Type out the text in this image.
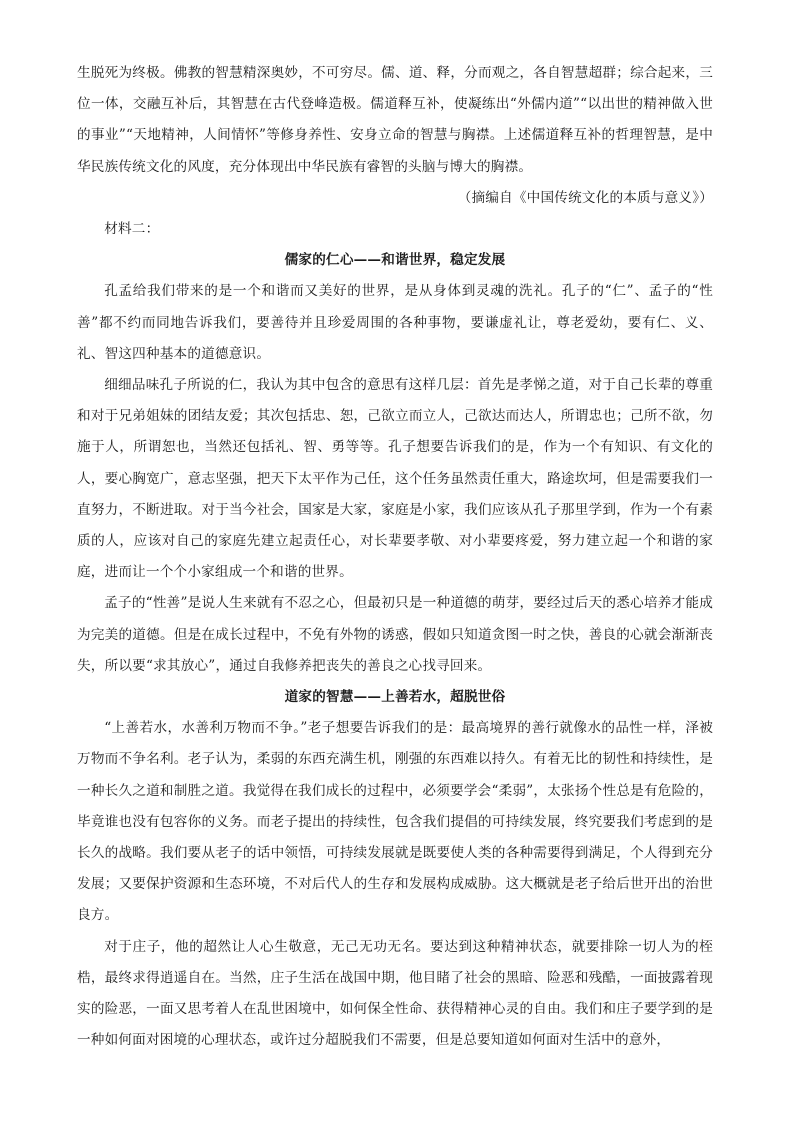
生脱死为终极。佛教的智慧精深奥妙，不可穷尽。儒、道、释，分而观之，各自智慧超群；综合起来，三位一体，交融互补后，其智慧在古代登峰造极。儒道释互补，使凝练出“外儒内道”“以出世的精神做入世的事业”“天地精神，人间情怀”等修身养性、安身立命的智慧与胸襟。上述儒道释互补的哲理智慧，是中华民族传统文化的风度，充分体现出中华民族有睿智的头脑与博大的胸襟。

（摘编自《中国传统文化的本质与意义》）

材料二：

儒家的仁心——和谐世界，稳定发展

孔孟给我们带来的是一个和谐而又美好的世界，是从身体到灵魂的洗礼。孔子的“仁”、孟子的“性善”都不约而同地告诉我们，要善待并且珍爱周围的各种事物，要谦虚礼让，尊老爱幼，要有仁、义、礼、智这四种基本的道德意识。

细细品味孔子所说的仁，我认为其中包含的意思有这样几层：首先是孝悌之道，对于自己长辈的尊重和对于兄弟姐妹的团结友爱；其次包括忠、恕，己欲立而立人，己欲达而达人，所谓忠也；己所不欲，勿施于人，所谓恕也，当然还包括礼、智、勇等等。孔子想要告诉我们的是，作为一个有知识、有文化的人，要心胸宽广，意志坚强，把天下太平作为己任，这个任务虽然责任重大，路途坎坷，但是需要我们一直努力，不断进取。对于当今社会，国家是大家，家庭是小家，我们应该从孔子那里学到，作为一个有素质的人，应该对自己的家庭先建立起责任心，对长辈要孝敬、对小辈要疼爱，努力建立起一个和谐的家庭，进而让一个个小家组成一个和谐的世界。

孟子的“性善”是说人生来就有不忍之心，但最初只是一种道德的萌芽，要经过后天的悉心培养才能成为完美的道德。但是在成长过程中，不免有外物的诱惑，假如只知道贪图一时之快，善良的心就会渐渐丧失，所以要“求其放心”，通过自我修养把丧失的善良之心找寻回来。

道家的智慧——上善若水，超脱世俗

“上善若水，水善利万物而不争。”老子想要告诉我们的是：最高境界的善行就像水的品性一样，泽被万物而不争名利。老子认为，柔弱的东西充满生机，刚强的东西难以持久。有着无比的韧性和持续性，是一种长久之道和制胜之道。我觉得在我们成长的过程中，必须要学会“柔弱”，太张扬个性总是有危险的，毕竟谁也没有包容你的义务。而老子提出的持续性，包含我们提倡的可持续发展，终究要我们考虑到的是长久的战略。我们要从老子的话中领悟，可持续发展就是既要使人类的各种需要得到满足，个人得到充分发展；又要保护资源和生态环境，不对后代人的生存和发展构成威胁。这大概就是老子给后世开出的治世良方。

对于庄子，他的超然让人心生敬意，无己无功无名。要达到这种精神状态，就要排除一切人为的桎梏，最终求得逍遥自在。当然，庄子生活在战国中期，他目睹了社会的黑暗、险恶和残酷，一面披露着现实的险恶，一面又思考着人在乱世困境中，如何保全性命、获得精神心灵的自由。我们和庄子要学到的是一种如何面对困境的心理状态，或许过分超脱我们不需要，但是总要知道如何面对生活中的意外，
